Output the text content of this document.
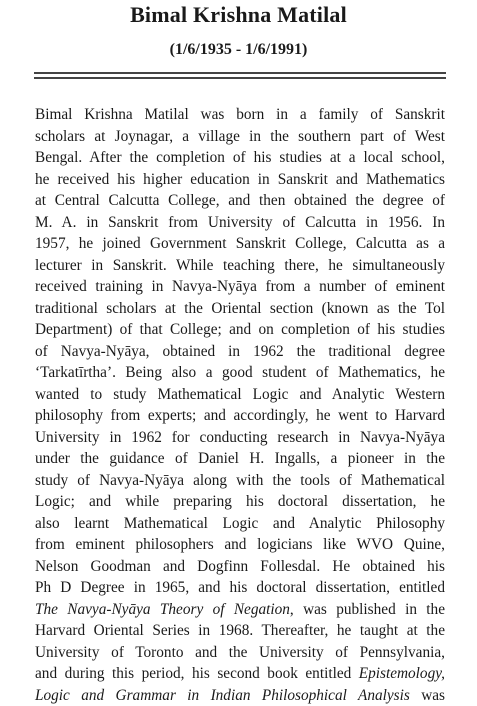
Bimal Krishna Matilal
(1/6/1935 - 1/6/1991)

Bimal Krishna Matilal was born in a family of Sanskrit
scholars at Joynagar, a village in the southern part of West
Bengal. After the completion of his studies at a local school,
he received his higher education in Sanskrit and Mathematics
at Central Calcutta College, and then obtained the degree of
M. A. in Sanskrit from University of Calcutta in 1956. In
1957, he joined Government Sanskrit College, Calcutta as a
lecturer in Sanskrit. While teaching there, he simultaneously
received training in Navya-Nyāya from a number of eminent
traditional scholars at the Oriental section (known as the Tol
Department) of that College; and on completion of his studies
of Navya-Nyāya, obtained in 1962 the traditional degree
‘Tarkatīrtha’. Being also a good student of Mathematics, he
wanted to study Mathematical Logic and Analytic Western
philosophy from experts; and accordingly, he went to Harvard
University in 1962 for conducting research in Navya-Nyāya
under the guidance of Daniel H. Ingalls, a pioneer in the
study of Navya-Nyāya along with the tools of Mathematical
Logic; and while preparing his doctoral dissertation, he
also learnt Mathematical Logic and Analytic Philosophy
from eminent philosophers and logicians like WVO Quine,
Nelson Goodman and Dogfinn Follesdal. He obtained his
Ph D Degree in 1965, and his doctoral dissertation, entitled
The Navya-Nyāya Theory of Negation, was published in the
Harvard Oriental Series in 1968. Thereafter, he taught at the
University of Toronto and the University of Pennsylvania,
and during this period, his second book entitled Epistemology,
Logic and Grammar in Indian Philosophical Analysis was
